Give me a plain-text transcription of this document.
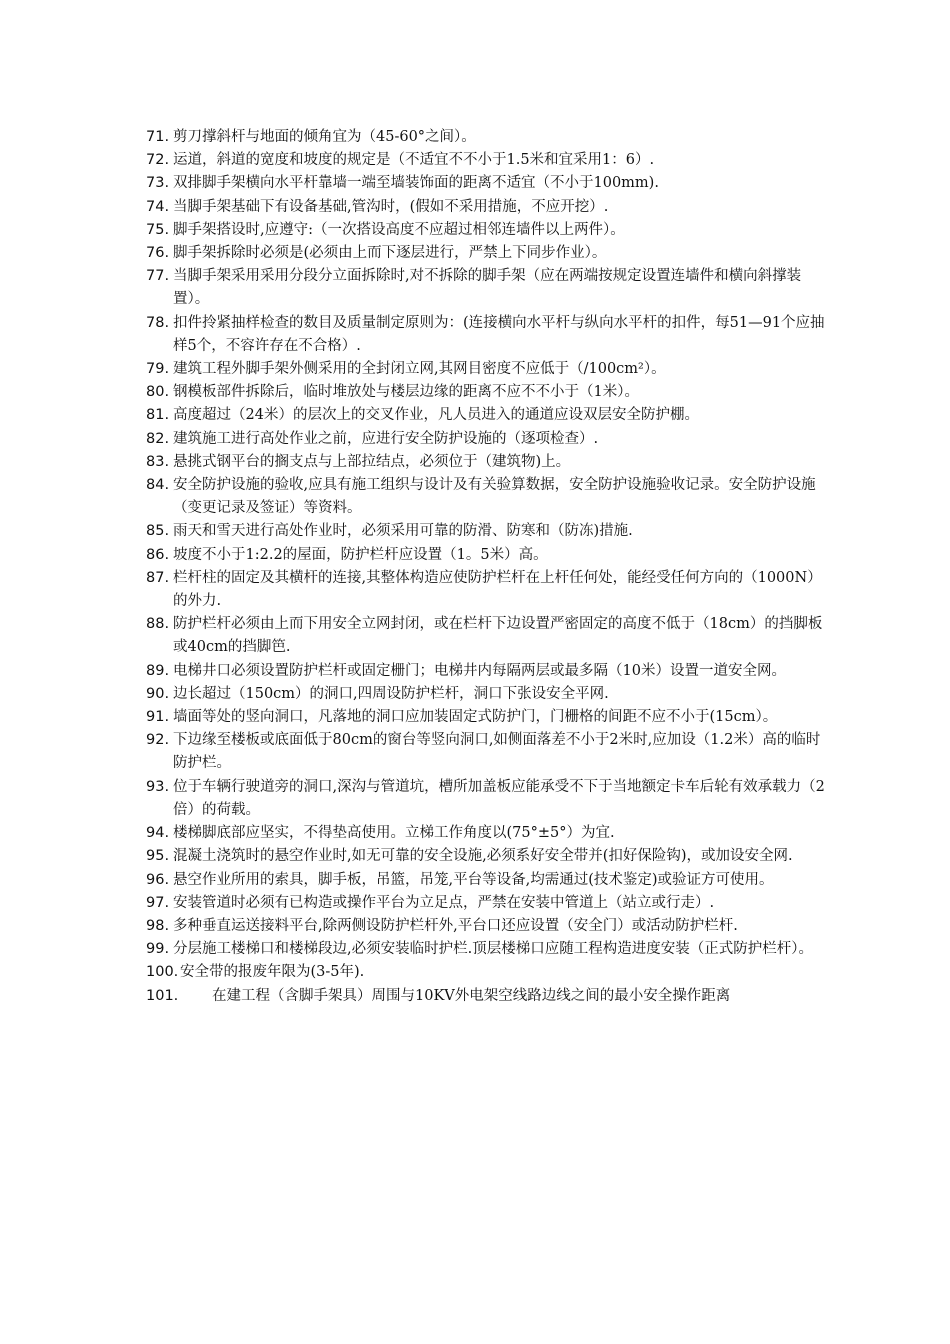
71. 剪刀撑斜杆与地面的倾角宜为（45-60°之间）。
72. 运道，斜道的宽度和坡度的规定是（不适宜不不小于1.5米和宜采用1：6）.
73. 双排脚手架横向水平杆靠墙一端至墙装饰面的距离不适宜（不小于100mm).
74. 当脚手架基础下有设备基础,管沟时，(假如不采用措施，不应开挖）.
75. 脚手架搭设时,应遵守:（一次搭设高度不应超过相邻连墙件以上两件）。
76. 脚手架拆除时必须是(必须由上而下逐层进行，严禁上下同步作业）。
77. 当脚手架采用采用分段分立面拆除时,对不拆除的脚手架（应在两端按规定设置连墙件和横向斜撑装置）。
78. 扣件拎紧抽样检查的数目及质量制定原则为：(连接横向水平杆与纵向水平杆的扣件，每51—91个应抽样5个，不容许存在不合格）.
79. 建筑工程外脚手架外侧采用的全封闭立网,其网目密度不应低于（/100cm²）。
80. 钢模板部件拆除后，临时堆放处与楼层边缘的距离不应不不小于（1米）。
81. 高度超过（24米）的层次上的交叉作业，凡人员进入的通道应设双层安全防护棚。
82. 建筑施工进行高处作业之前，应进行安全防护设施的（逐项检查）.
83. 悬挑式钢平台的搁支点与上部拉结点，必须位于（建筑物)上。
84. 安全防护设施的验收,应具有施工组织与设计及有关验算数据，安全防护设施验收记录。安全防护设施（变更记录及签证）等资料。
85. 雨天和雪天进行高处作业时，必须采用可靠的防滑、防寒和（防冻)措施.
86. 坡度不小于1:2.2的屋面，防护栏杆应设置（1。5米）高。
87. 栏杆柱的固定及其横杆的连接,其整体构造应使防护栏杆在上杆任何处，能经受任何方向的（1000N）的外力.
88. 防护栏杆必须由上而下用安全立网封闭，或在栏杆下边设置严密固定的高度不低于（18cm）的挡脚板或40cm的挡脚笆.
89. 电梯井口必须设置防护栏杆或固定栅门；电梯井内每隔两层或最多隔（10米）设置一道安全网。
90. 边长超过（150cm）的洞口,四周设防护栏杆，洞口下张设安全平网.
91. 墙面等处的竖向洞口，凡落地的洞口应加装固定式防护门，门栅格的间距不应不小于(15cm）。
92. 下边缘至楼板或底面低于80cm的窗台等竖向洞口,如侧面落差不小于2米时,应加设（1.2米）高的临时防护栏。
93. 位于车辆行驶道旁的洞口,深沟与管道坑，槽所加盖板应能承受不下于当地额定卡车后轮有效承载力（2倍）的荷载。
94. 楼梯脚底部应坚实，不得垫高使用。立梯工作角度以(75°±5°）为宜.
95. 混凝土浇筑时的悬空作业时,如无可靠的安全设施,必须系好安全带并(扣好保险钩)，或加设安全网.
96. 悬空作业所用的索具，脚手板，吊篮，吊笼,平台等设备,均需通过(技术鉴定)或验证方可使用。
97. 安装管道时必须有已构造或操作平台为立足点，严禁在安装中管道上（站立或行走）.
98. 多种垂直运送接料平台,除两侧设防护栏杆外,平台口还应设置（安全门）或活动防护栏杆.
99. 分层施工楼梯口和楼梯段边,必须安装临时护栏.顶层楼梯口应随工程构造进度安装（正式防护栏杆）。
100. 安全带的报废年限为(3-5年).
101. 在建工程（含脚手架具）周围与10KV外电架空线路边线之间的最小安全操作距离
